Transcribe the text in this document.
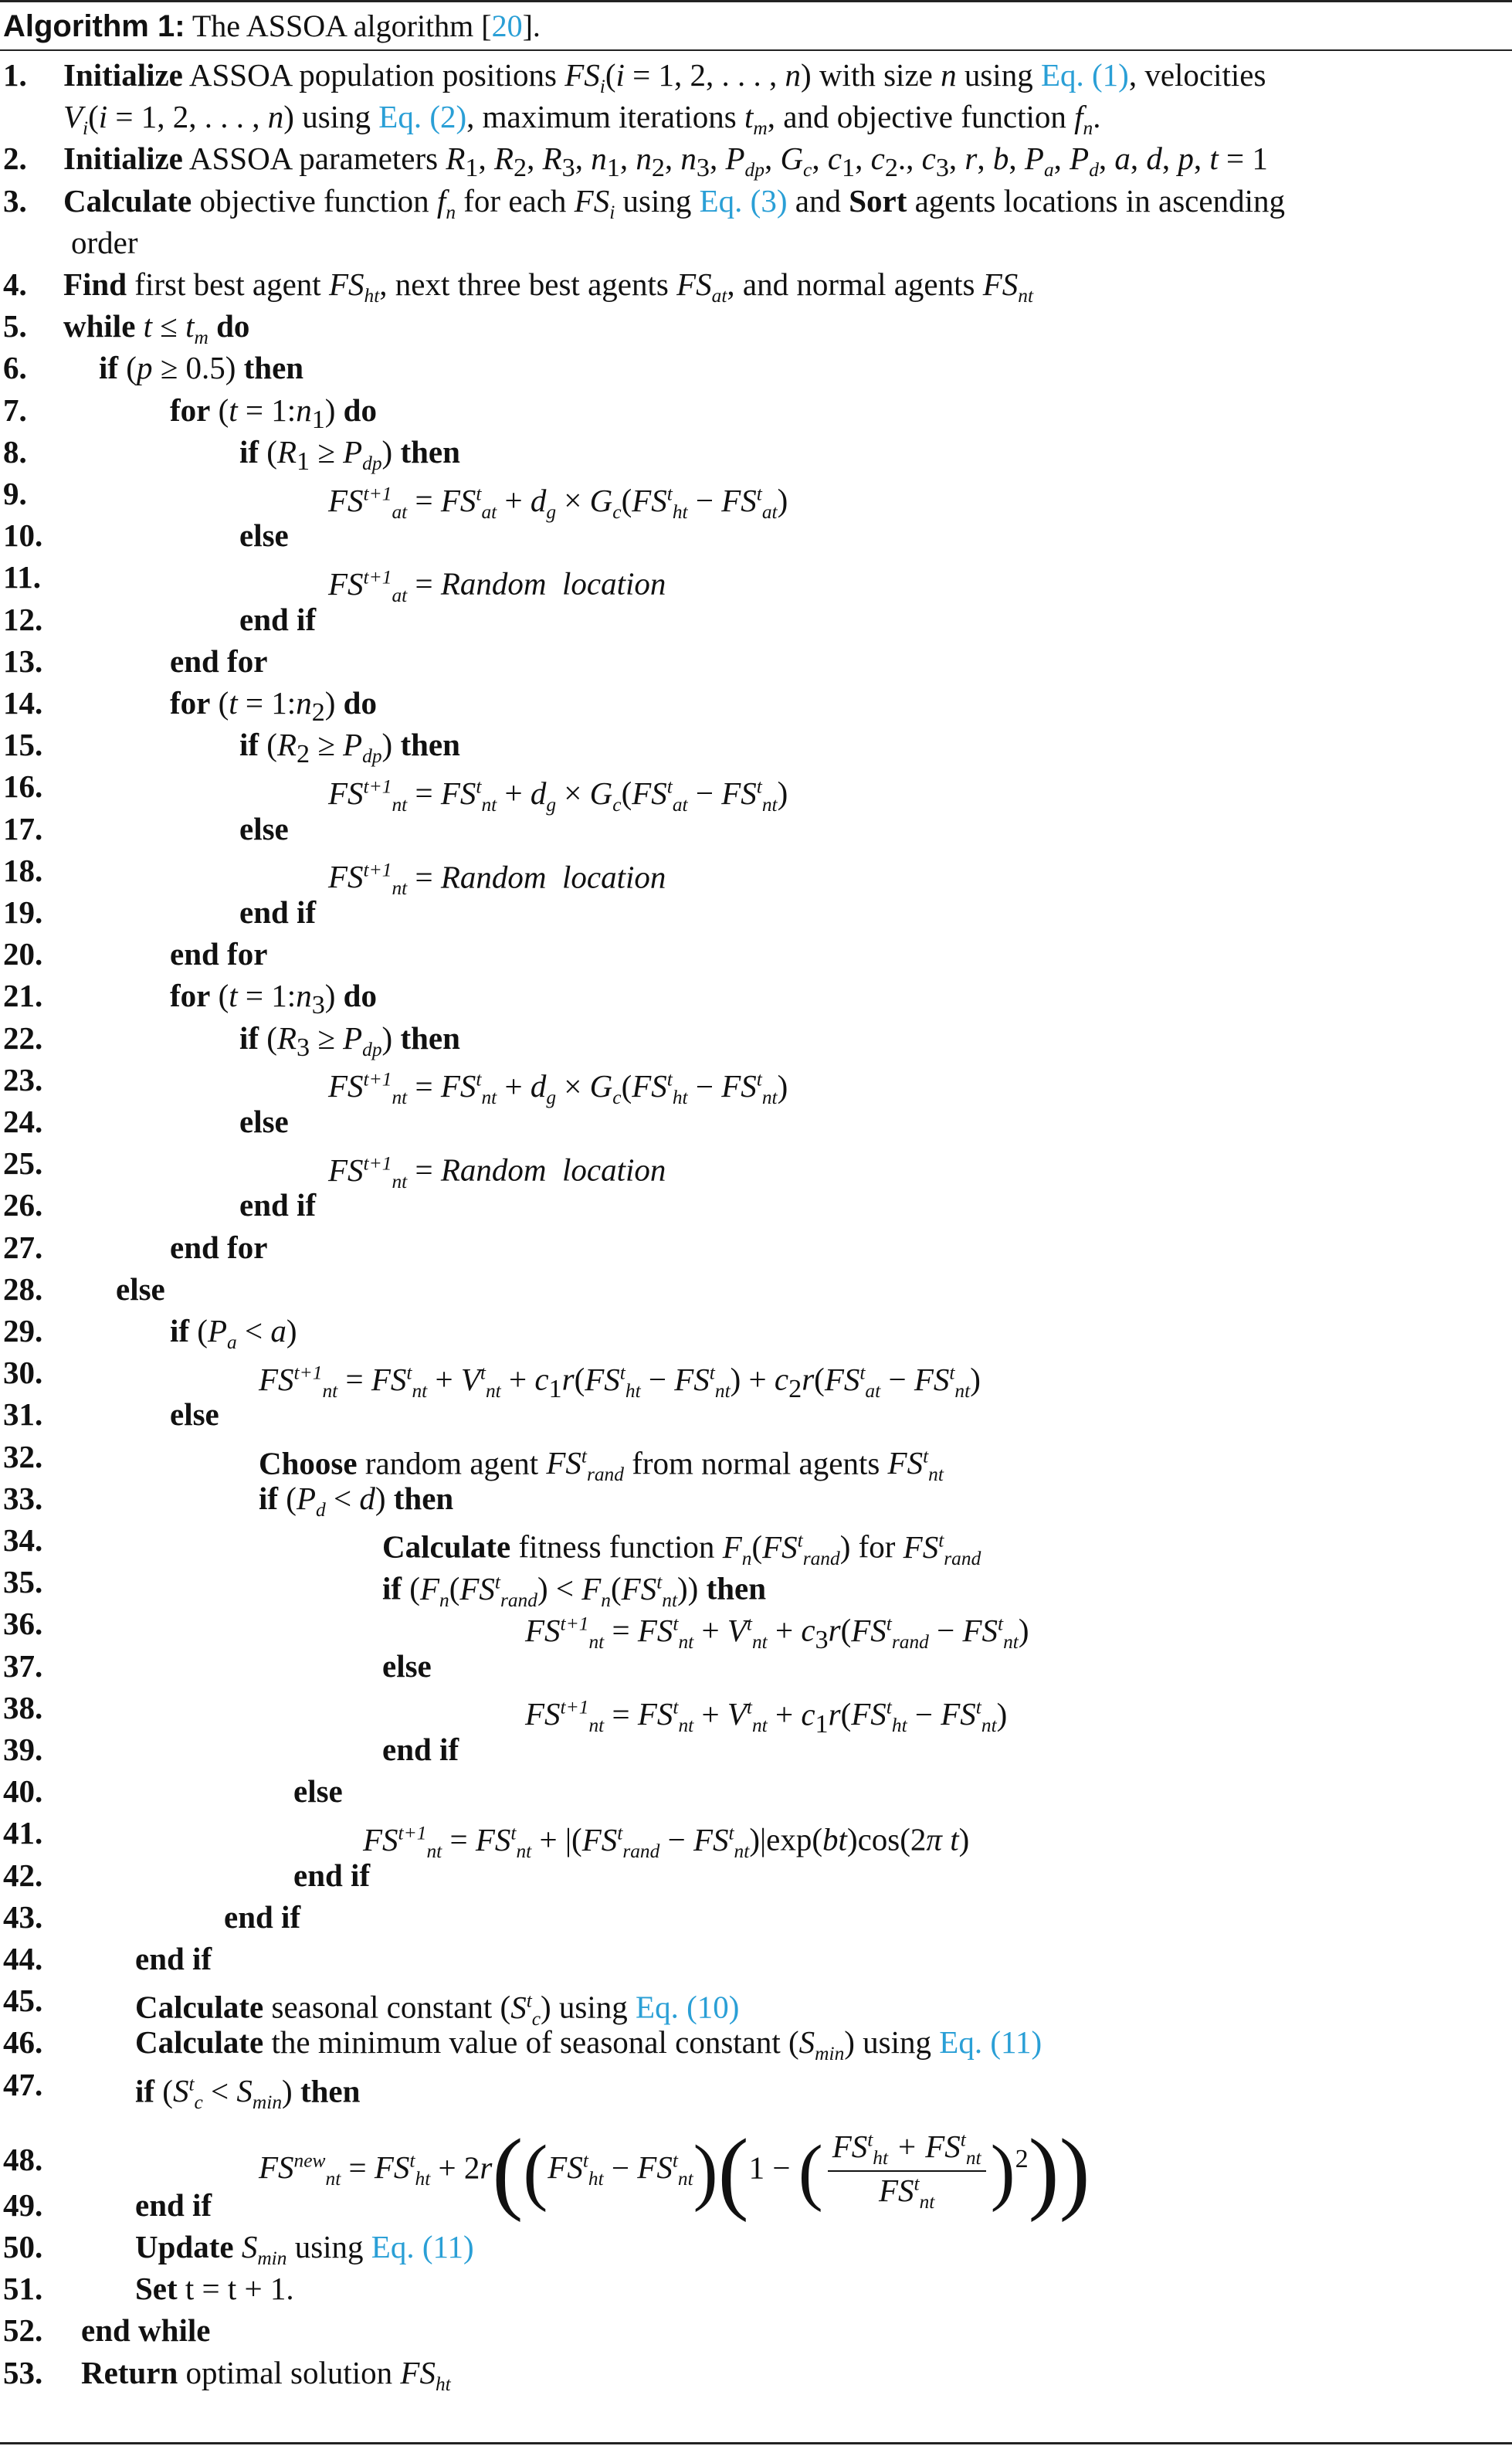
Algorithm 1: The ASSOA algorithm [20].
1.	Initialize ASSOA population positions $FS_i(i = 1$, 2, . . . , n) with size n using Eq. (1), velocities
$V_i(i = 1$, 2, . . . , n) using Eq. (2), maximum iterations $t_m$, and objective function $f_n$.
2.	Initialize ASSOA parameters $R_1$, $R_2$, $R_3$, $n_1$, $n_2$, $n_3$, $P_{dp}$, $G_c$, $c_1$, $c_2$., $c_3$, r, b, $P_a$, $P_d$, a, d, p, t = 1
3.	Calculate objective function $f_n$ for each $FS_i$ using Eq. (3) and Sort agents locations in ascending
order
4.	Find first best agent $FS_{ht}$, next three best agents $FS_{at}$, and normal agents $FS_{nt}$
5.	while $t \le t_m$ do
6.	if (p ≥ 0.5) then
7.	for $(t = 1:n_1)$ do
8.	if $(R_1 \ge P_{dp})$ then
9.	$FS^{t+1}_{at} = FS^t_{at} + d_g \times G_c(FS^t_{ht} - FS^t_{at})$
10.	else
11.	$FS^{t+1}_{at}$ = Random  location
12.	end if
13.	end for
14.	for $(t = 1:n_2)$ do
15.	if $(R_2 \ge P_{dp})$ then
16.	$FS^{t+1}_{nt} = FS^t_{nt} + d_g \times G_c(FS^t_{at} - FS^t_{nt})$
17.	else
18.	$FS^{t+1}_{nt}$ = Random  location
19.	end if
20.	end for
21.	for $(t = 1:n_3)$ do
22.	if $(R_3 \ge P_{dp})$ then
23.	$FS^{t+1}_{nt} = FS^t_{nt} + d_g \times G_c(FS^t_{ht} - FS^t_{nt})$
24.	else
25.	$FS^{t+1}_{nt}$ = Random  location
26.	end if
27.	end for
28.	else
29.	if $(P_a < a)$
30.	$FS^{t+1}_{nt} = FS^t_{nt} + V^t_{nt} + c_1r(FS^t_{ht} - FS^t_{nt}) + c_2r(FS^t_{at} - FS^t_{nt})$
31.	else
32.	Choose random agent $FS^t_{rand}$ from normal agents $FS^t_{nt}$
33.	if $(P_d < d)$ then
34.	Calculate fitness function $F_n(FS^t_{rand})$ for $FS^t_{rand}$
35.	if $(F_n(FS^t_{rand}) < F_n(FS^t_{nt}))$ then
36.	$FS^{t+1}_{nt} = FS^t_{nt} + V^t_{nt} + c_3r(FS^t_{rand} - FS^t_{nt})$
37.	else
38.	$FS^{t+1}_{nt} = FS^t_{nt} + V^t_{nt} + c_1r(FS^t_{ht} - FS^t_{nt})$
39.	end if
40.	else
41.	$FS^{t+1}_{nt} = FS^t_{nt} + |(FS^t_{rand} - FS^t_{nt})|\exp(bt)\cos(2\pi$ t)
42.	end if
43.	end if
44.	end if
45.	Calculate seasonal constant $(S^t_c)$ using Eq. (10)
46.	Calculate the minimum value of seasonal constant $(S_{min})$ using Eq. (11)
47.	if $(S^t_c < S_{min})$ then
48.	$FS^{new}_{nt} = FS^t_{ht} + 2r((FS^t_{ht} - FS^t_{nt})(1$ − ( $\frac{FS^t_{ht} + FS^t_{nt}}{FS^t_{nt}} )^2$))
49.	end if
50.	Update $S_{min}$ using Eq. (11)
51.	Set t = t + 1.
52.	end while
53.	Return optimal solution $FS_{ht}$
